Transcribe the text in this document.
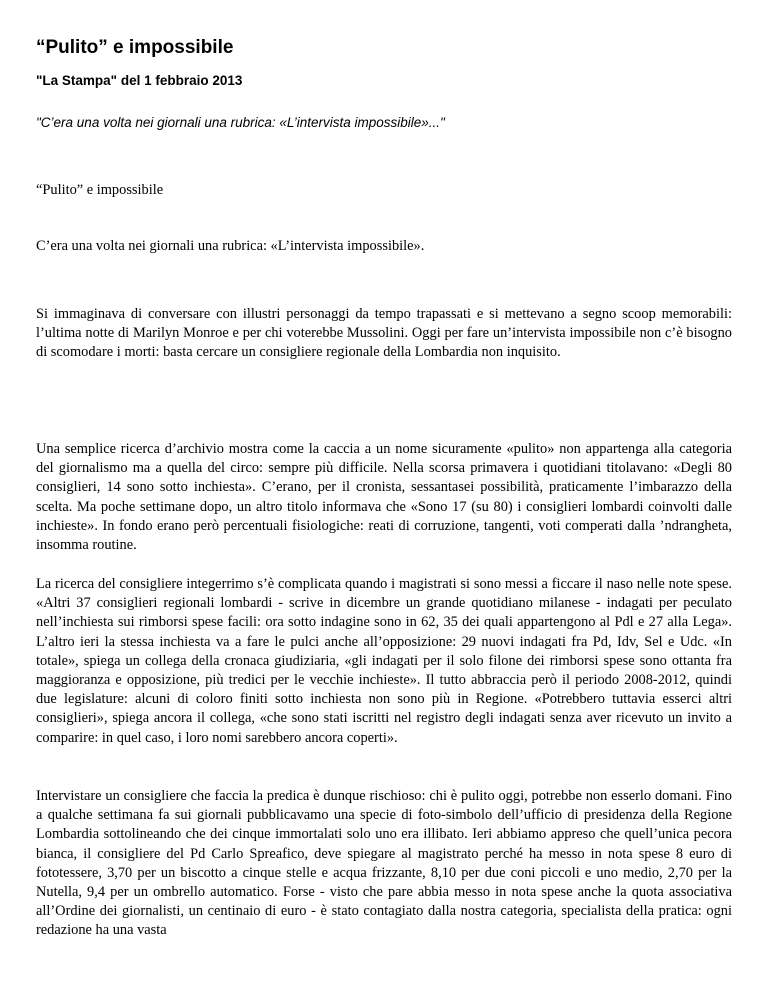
“Pulito” e impossibile

"La Stampa" del 1 febbraio 2013

"C’era una volta nei giornali una rubrica: «L’intervista impossibile»..."

“Pulito” e impossibile

C’era una volta nei giornali una rubrica: «L’intervista impossibile».

Si immaginava di conversare con illustri personaggi da tempo trapassati e si mettevano a segno scoop memorabili: l’ultima notte di Marilyn Monroe e per chi voterebbe Mussolini. Oggi per fare un’intervista impossibile non c’è bisogno di scomodare i morti: basta cercare un consigliere regionale della Lombardia non inquisito.

Una semplice ricerca d’archivio mostra come la caccia a un nome sicuramente «pulito» non appartenga alla categoria del giornalismo ma a quella del circo: sempre più difficile. Nella scorsa primavera i quotidiani titolavano: «Degli 80 consiglieri, 14 sono sotto inchiesta». C’erano, per il cronista, sessantasei possibilità, praticamente l’imbarazzo della scelta. Ma poche settimane dopo, un altro titolo informava che «Sono 17 (su 80) i consiglieri lombardi coinvolti dalle inchieste». In fondo erano però percentuali fisiologiche: reati di corruzione, tangenti, voti comperati dalla ’ndrangheta, insomma routine.

La ricerca del consigliere integerrimo s’è complicata quando i magistrati si sono messi a ficcare il naso nelle note spese. «Altri 37 consiglieri regionali lombardi - scrive in dicembre un grande quotidiano milanese - indagati per peculato nell’inchiesta sui rimborsi spese facili: ora sotto indagine sono in 62, 35 dei quali appartengono al Pdl e 27 alla Lega». L’altro ieri la stessa inchiesta va a fare le pulci anche all’opposizione: 29 nuovi indagati fra Pd, Idv, Sel e Udc. «In totale», spiega un collega della cronaca giudiziaria, «gli indagati per il solo filone dei rimborsi spese sono ottanta fra maggioranza e opposizione, più tredici per le vecchie inchieste». Il tutto abbraccia però il periodo 2008-2012, quindi due legislature: alcuni di coloro finiti sotto inchiesta non sono più in Regione. «Potrebbero tuttavia esserci altri consiglieri», spiega ancora il collega, «che sono stati iscritti nel registro degli indagati senza aver ricevuto un invito a comparire: in quel caso, i loro nomi sarebbero ancora coperti».

Intervistare un consigliere che faccia la predica è dunque rischioso: chi è pulito oggi, potrebbe non esserlo domani. Fino a qualche settimana fa sui giornali pubblicavamo una specie di foto-simbolo dell’ufficio di presidenza della Regione Lombardia sottolineando che dei cinque immortalati solo uno era illibato. Ieri abbiamo appreso che quell’unica pecora bianca, il consigliere del Pd Carlo Spreafico, deve spiegare al magistrato perché ha messo in nota spese 8 euro di fototessere, 3,70 per un biscotto a cinque stelle e acqua frizzante, 8,10 per due coni piccoli e uno medio, 2,70 per la Nutella, 9,4 per un ombrello automatico. Forse - visto che pare abbia messo in nota spese anche la quota associativa all’Ordine dei giornalisti, un centinaio di euro - è stato contagiato dalla nostra categoria, specialista della pratica: ogni redazione ha una vasta
